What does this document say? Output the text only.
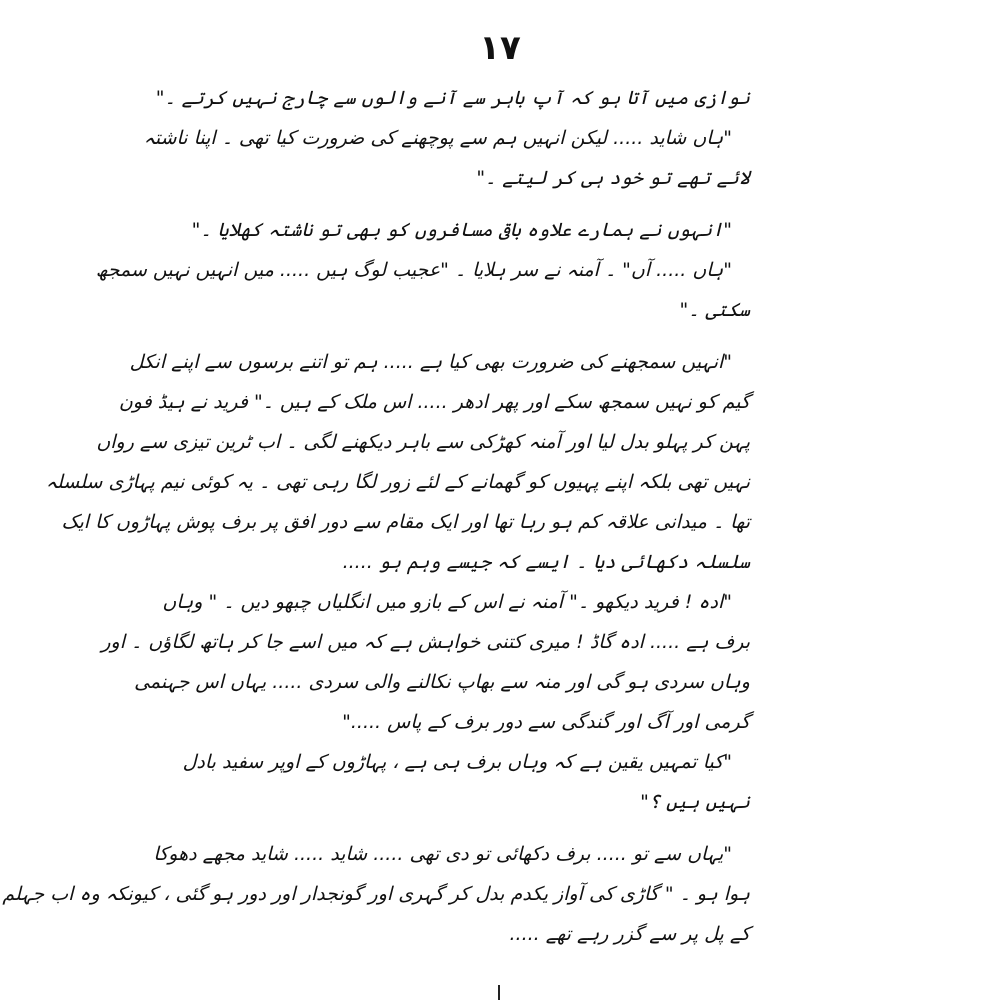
۱۷
نوازی میں آتا ہو کہ آپ باہر سے آنے والوں سے چارج نہیں کرتے ۔"
"ہاں شاید ..... لیکن انہیں ہم سے پوچھنے کی ضرورت کیا تھی ۔ اپنا ناشتہ
لائے تھے تو خود ہی کر لیتے ۔"
"انہوں نے ہمارے علاوہ باقی مسافروں کو بھی تو ناشتہ کھلایا ۔"
"ہاں ..... آں" ۔ آمنہ نے سر ہلایا ۔ "عجیب لوگ ہیں ..... میں انہیں نہیں سمجھ
سکتی ۔"
"انہیں سمجھنے کی ضرورت بھی کیا ہے ..... ہم تو اتنے برسوں سے اپنے انکل
گیم کو نہیں سمجھ سکے اور پھر ادھر ..... اس ملک کے ہیں ۔" فرید نے ہیڈ فون
پہن کر پہلو بدل لیا اور آمنہ کھڑکی سے باہر دیکھنے لگی ۔ اب ٹرین تیزی سے رواں
نہیں تھی بلکہ اپنے پہیوں کو گھمانے کے لئے زور لگا رہی تھی ۔ یہ کوئی نیم پہاڑی سلسلہ
تھا ۔ میدانی علاقہ کم ہو رہا تھا اور ایک مقام سے دور افق پر برف پوش پہاڑوں کا ایک
سلسلہ دکھائی دیا ۔ ایسے کہ جیسے وہم ہو .....
"ادہ ! فرید دیکھو ۔" آمنہ نے اس کے بازو میں انگلیاں چبھو دیں ۔ " وہاں
برف ہے ..... ادہ گاڈ ! میری کتنی خواہش ہے کہ میں اسے جا کر ہاتھ لگاؤں ۔ اور
وہاں سردی ہو گی اور منہ سے بھاپ نکالنے والی سردی ..... یہاں اس جہنمی
گرمی اور آگ اور گندگی سے دور برف کے پاس ....."
"کیا تمہیں یقین ہے کہ وہاں برف ہی ہے ، پہاڑوں کے اوپر سفید بادل
نہیں ہیں ؟"
"یہاں سے تو ..... برف دکھائی تو دی تھی ..... شاید ..... شاید مجھے دھوکا
ہوا ہو ۔ " گاڑی کی آواز یکدم بدل کر گہری اور گونجدار اور دور ہو گئی ، کیونکہ وہ اب جہلم
کے پل پر سے گزر رہے تھے .....
